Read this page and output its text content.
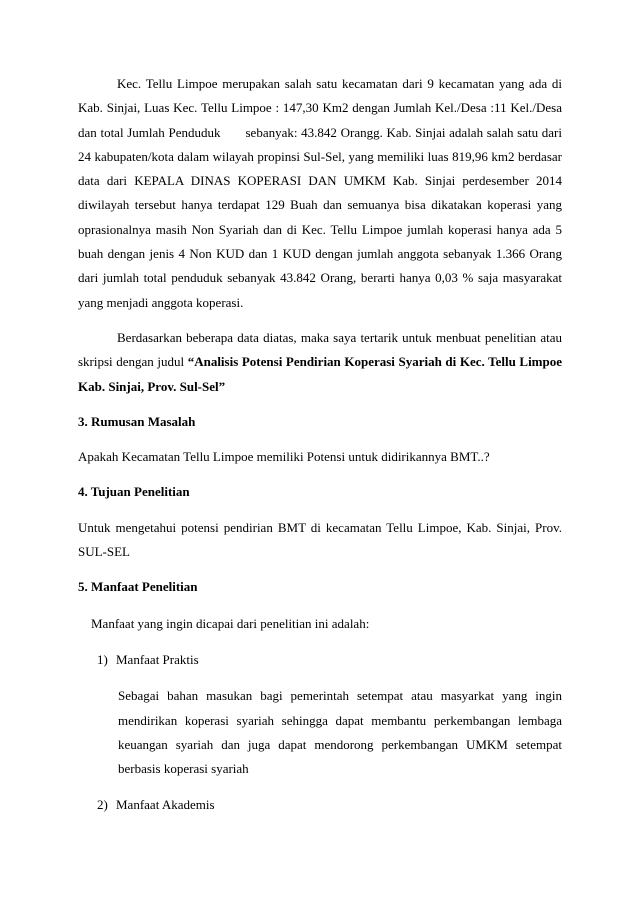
Kec. Tellu Limpoe merupakan salah satu kecamatan dari 9 kecamatan yang ada di Kab. Sinjai, Luas Kec. Tellu Limpoe : 147,30 Km2 dengan Jumlah Kel./Desa :11 Kel./Desa dan total Jumlah Penduduk sebanyak: 43.842 Orangg. Kab. Sinjai adalah salah satu dari 24 kabupaten/kota dalam wilayah propinsi Sul-Sel, yang memiliki luas 819,96 km2 berdasar data dari KEPALA DINAS KOPERASI DAN UMKM Kab. Sinjai perdesember 2014 diwilayah tersebut hanya terdapat 129 Buah dan semuanya bisa dikatakan koperasi yang oprasionalnya masih Non Syariah dan di Kec. Tellu Limpoe jumlah koperasi hanya ada 5 buah dengan jenis 4 Non KUD dan 1 KUD dengan jumlah anggota sebanyak 1.366 Orang dari jumlah total penduduk sebanyak 43.842 Orang, berarti hanya 0,03 % saja masyarakat yang menjadi anggota koperasi.

Berdasarkan beberapa data diatas, maka saya tertarik untuk menbuat penelitian atau skripsi dengan judul “Analisis Potensi Pendirian Koperasi Syariah di Kec. Tellu Limpoe Kab. Sinjai, Prov. Sul-Sel”

3. Rumusan Masalah

Apakah Kecamatan Tellu Limpoe memiliki Potensi untuk didirikannya BMT..?

4. Tujuan Penelitian

Untuk mengetahui potensi pendirian BMT di kecamatan Tellu Limpoe, Kab. Sinjai, Prov. SUL-SEL

5. Manfaat Penelitian

Manfaat yang ingin dicapai dari penelitian ini adalah:

1) Manfaat Praktis

Sebagai bahan masukan bagi pemerintah setempat atau masyarkat yang ingin mendirikan koperasi syariah sehingga dapat membantu perkembangan lembaga keuangan syariah dan juga dapat mendorong perkembangan UMKM setempat berbasis koperasi syariah

2) Manfaat Akademis
